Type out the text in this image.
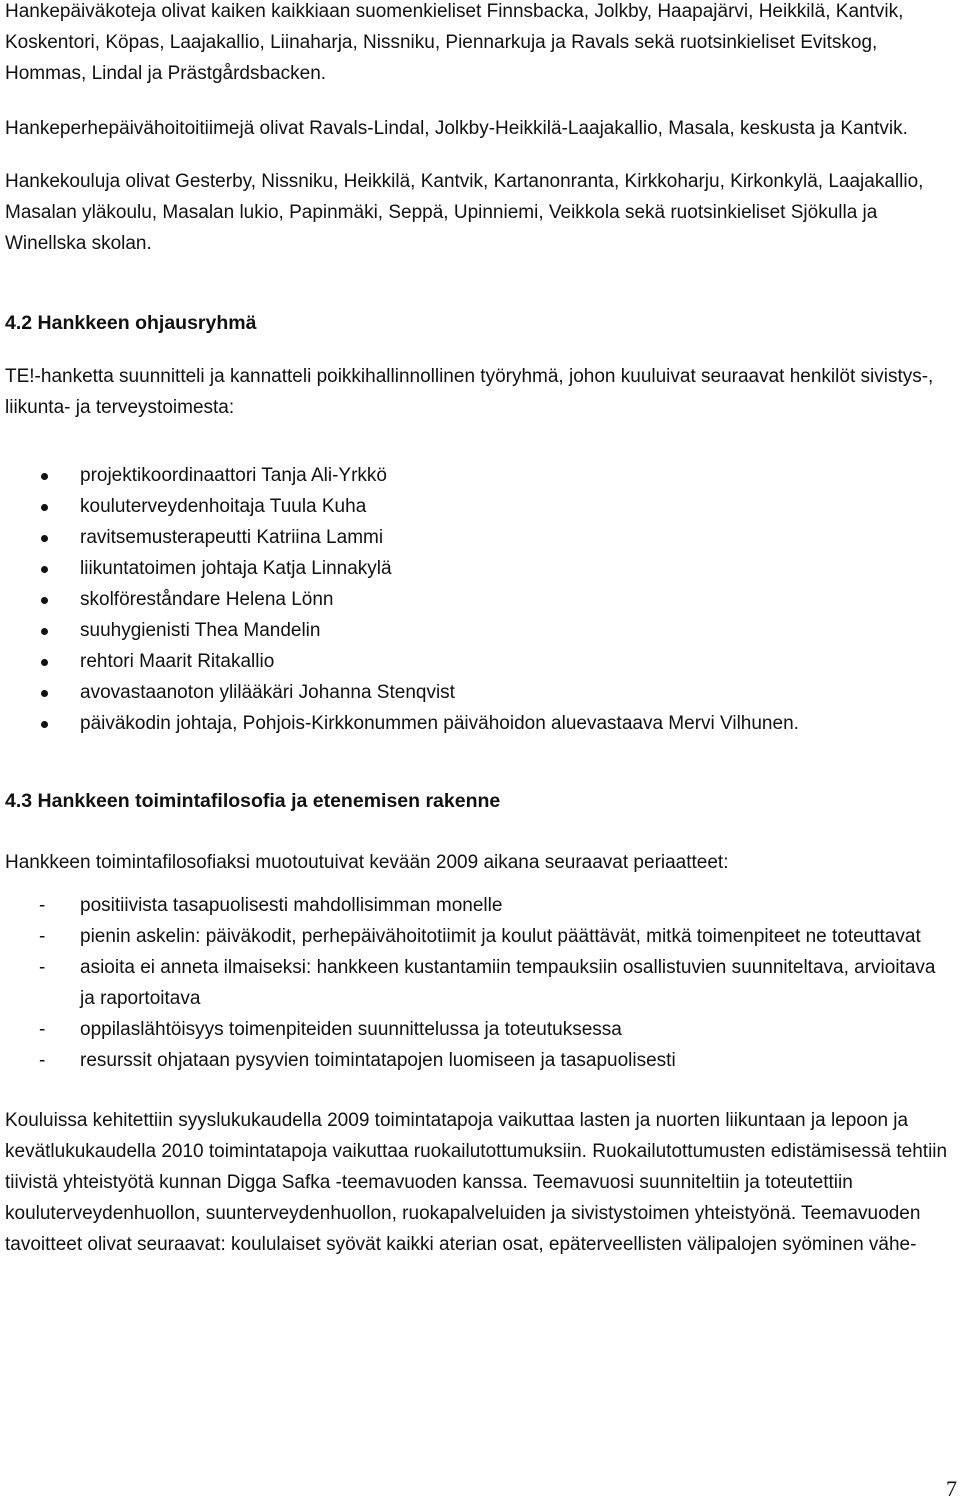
Hankepäiväkoteja olivat kaiken kaikkiaan suomenkieliset Finnsbacka, Jolkby, Haapajärvi, Heikkilä, Kantvik, Koskentori, Köpas, Laajakallio, Liinaharja, Nissniku, Piennarkuja ja Ravals sekä ruotsinkieliset Evitskog, Hommas, Lindal ja Prästgårdsbacken.

Hankeperhepäivähoitoitiimejä olivat Ravals-Lindal, Jolkby-Heikkilä-Laajakallio, Masala, keskusta ja Kantvik.

Hankekouluja olivat Gesterby, Nissniku, Heikkilä, Kantvik, Kartanonranta, Kirkkoharju, Kirkonkylä, Laajakallio, Masalan yläkoulu, Masalan lukio, Papinmäki, Seppä, Upinniemi, Veikkola sekä ruotsinkieliset Sjökulla ja Winellska skolan.

4.2 Hankkeen ohjausryhmä

TE!-hanketta suunnitteli ja kannatteli poikkihallinnollinen työryhmä, johon kuuluivat seuraavat henkilöt sivistys-, liikunta- ja terveystoimesta:

projektikoordinaattori Tanja Ali-Yrkkö
kouluterveydenhoitaja Tuula Kuha
ravitsemusterapeutti Katriina Lammi
liikuntatoimen johtaja Katja Linnakylä
skolföreståndare Helena Lönn
suuhygienisti Thea Mandelin
rehtori Maarit Ritakallio
avovastaanoton ylilääkäri Johanna Stenqvist
päiväkodin johtaja, Pohjois-Kirkkonummen päivähoidon aluevastaava Mervi Vilhunen.
4.3 Hankkeen toimintafilosofia ja etenemisen rakenne

Hankkeen toimintafilosofiaksi muotoutuivat kevään 2009 aikana seuraavat periaatteet:

- positiivista tasapuolisesti mahdollisimman monelle
- pienin askelin: päiväkodit, perhepäivähoitotiimit ja koulut päättävät, mitkä toimenpiteet ne toteuttavat
- asioita ei anneta ilmaiseksi: hankkeen kustantamiin tempauksiin osallistuvien suunniteltava, arvioitava ja raportoitava
- oppilaslähtöisyys toimenpiteiden suunnittelussa ja toteutuksessa
- resurssit ohjataan pysyvien toimintatapojen luomiseen ja tasapuolisesti

Kouluissa kehitettiin syyslukukaudella 2009 toimintatapoja vaikuttaa lasten ja nuorten liikuntaan ja lepoon ja kevätlukukaudella 2010 toimintatapoja vaikuttaa ruokailutottumuksiin. Ruokailutottumusten edistämisessä tehtiin tiivistä yhteistyötä kunnan Digga Safka -teemavuoden kanssa. Teemavuosi suunniteltiin ja toteutettiin kouluterveydenhuollon, suunterveydenhuollon, ruokapalveluiden ja sivistystoimen yhteistyönä. Teemavuoden tavoitteet olivat seuraavat: koululaiset syövät kaikki aterian osat, epäterveellisten välipalojen syöminen vähe-

7
